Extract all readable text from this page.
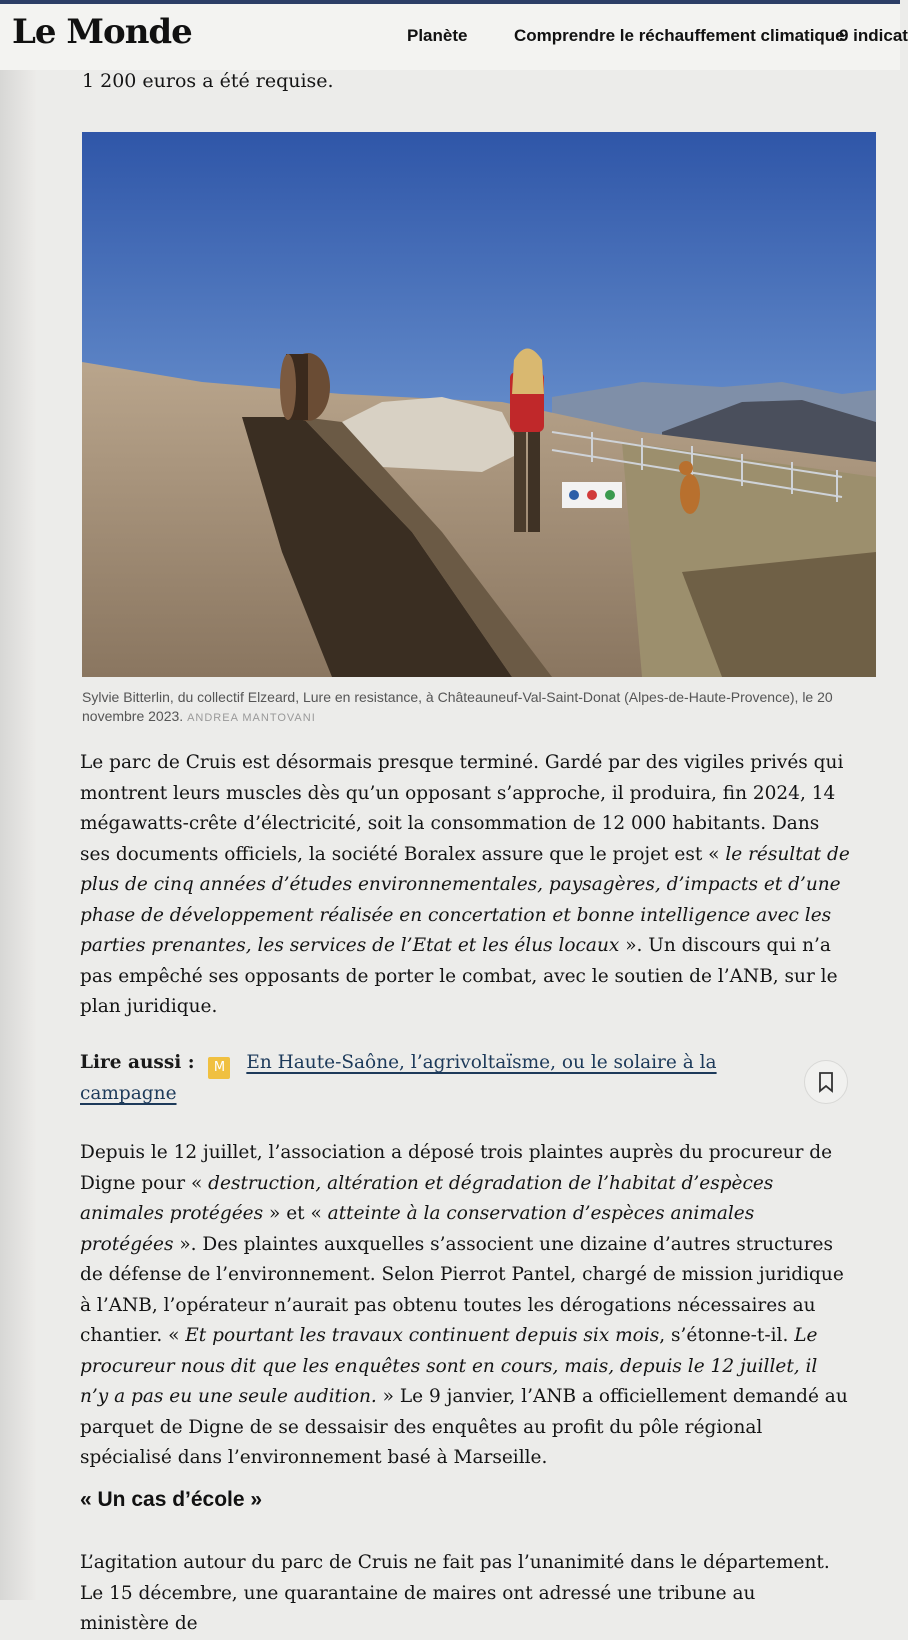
Le Monde	Planète	Comprendre le réchauffement climatique
9 indicat
1 200 euros a été requise.
Sylvie Bitterlin, du collectif Elzeard, Lure en resistance, à Châteauneuf-Val-Saint-Donat (Alpes-de-Haute-Provence), le 20 novembre 2023. ANDREA MANTOVANI
Le parc de Cruis est désormais presque terminé. Gardé par des vigiles privés qui montrent leurs muscles dès qu’un opposant s’approche, il produira, fin 2024, 14 mégawatts-crête d’électricité, soit la consommation de 12 000 habitants. Dans ses documents officiels, la société Boralex assure que le projet est « le résultat de plus de cinq années d’études environnementales, paysagères, d’impacts et d’une phase de développement réalisée en concertation et bonne intelligence avec les parties prenantes, les services de l’Etat et les élus locaux ». Un discours qui n’a pas empêché ses opposants de porter le combat, avec le soutien de l’ANB, sur le plan juridique.
Lire aussi : M En Haute-Saône, l’agrivoltaïsme, ou le solaire à la campagne
Depuis le 12 juillet, l’association a déposé trois plaintes auprès du procureur de Digne pour « destruction, altération et dégradation de l’habitat d’espèces animales protégées » et « atteinte à la conservation d’espèces animales protégées ». Des plaintes auxquelles s’associent une dizaine d’autres structures de défense de l’environnement. Selon Pierrot Pantel, chargé de mission juridique à l’ANB, l’opérateur n’aurait pas obtenu toutes les dérogations nécessaires au chantier. « Et pourtant les travaux continuent depuis six mois, s’étonne-t-il. Le procureur nous dit que les enquêtes sont en cours, mais, depuis le 12 juillet, il n’y a pas eu une seule audition. » Le 9 janvier, l’ANB a officiellement demandé au parquet de Digne de se dessaisir des enquêtes au profit du pôle régional spécialisé dans l’environnement basé à Marseille.
« Un cas d’école »
L’agitation autour du parc de Cruis ne fait pas l’unanimité dans le département. Le 15 décembre, une quarantaine de maires ont adressé une tribune au ministère de
